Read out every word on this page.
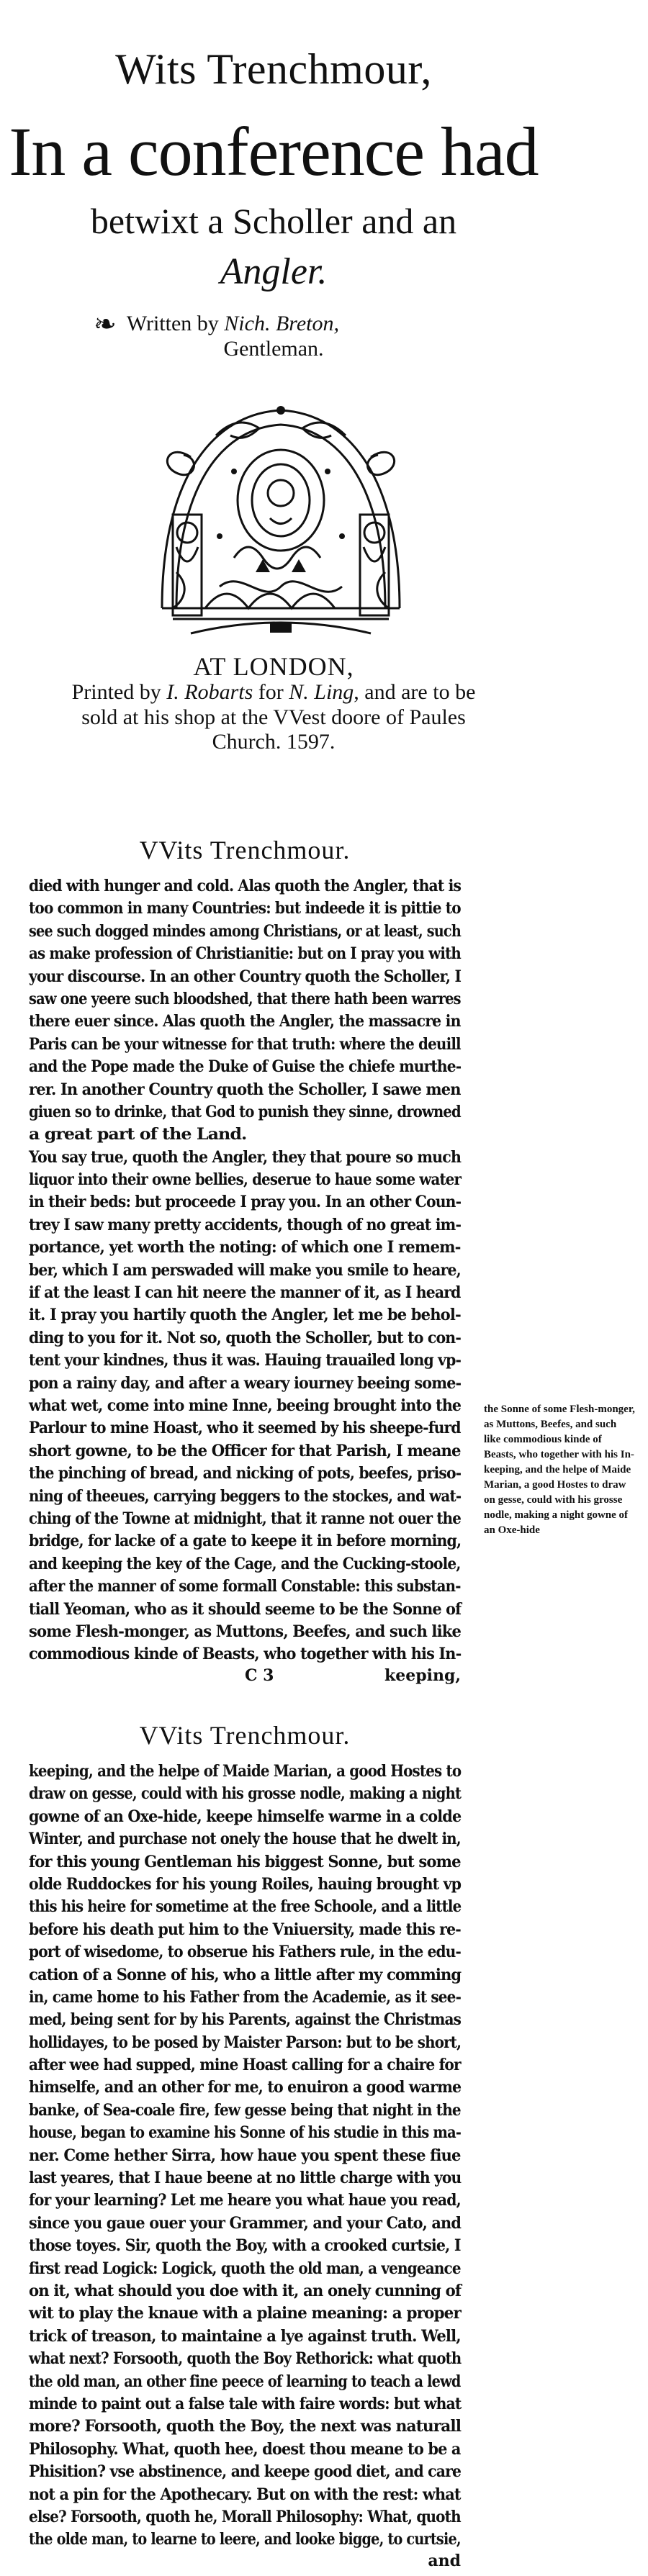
Wits Trenchmour,
In a conference had
betwixt a Scholler and an
Angler.
❧ Written by Nich. Breton,
Gentleman.
AT LONDON,
Printed by I. Robarts for N. Ling, and are to be
sold at his shop at the VVest doore of Paules
Church. 1597.
VVits Trenchmour.
died with hunger and cold. Alas quoth the Angler, that is
too common in many Countries: but indeede it is pittie to
see such dogged mindes among Christians, or at least, such
as make profession of Christianitie: but on I pray you with
your discourse. In an other Country quoth the Scholler, I
saw one yeere such bloodshed, that there hath been warres
there euer since. Alas quoth the Angler, the massacre in
Paris can be your witnesse for that truth: where the deuill
and the Pope made the Duke of Guise the chiefe murthe-
rer. In another Country quoth the Scholler, I sawe men
giuen so to drinke, that God to punish they sinne, drowned
a great part of the Land.
You say true, quoth the Angler, they that poure so much
liquor into their owne bellies, deserue to haue some water
in their beds: but proceede I pray you. In an other Coun-
trey I saw many pretty accidents, though of no great im-
portance, yet worth the noting: of which one I remem-
ber, which I am perswaded will make you smile to heare,
if at the least I can hit neere the manner of it, as I heard
it. I pray you hartily quoth the Angler, let me be behol-
ding to you for it. Not so, quoth the Scholler, but to con-
tent your kindnes, thus it was. Hauing trauailed long vp-
pon a rainy day, and after a weary iourney beeing some-
what wet, come into mine Inne, beeing brought into the
Parlour to mine Hoast, who it seemed by his sheepe-furd
short gowne, to be the Officer for that Parish, I meane
the pinching of bread, and nicking of pots, beefes, priso-
ning of theeues, carrying beggers to the stockes, and wat-
ching of the Towne at midnight, that it ranne not ouer the
bridge, for lacke of a gate to keepe it in before morning,
and keeping the key of the Cage, and the Cucking-stoole,
after the manner of some formall Constable: this substan-
tiall Yeoman, who as it should seeme to be the Sonne of
some Flesh-monger, as Muttons, Beefes, and such like
commodious kinde of Beasts, who together with his In-
C 3	keeping,
the Sonne of some Flesh-monger, as Muttons, Beefes, and such like commodious kinde of Beasts, who together with his In-keeping, and the helpe of Maide Marian, a good Hostes to draw on gesse, could with his grosse nodle, making a night gowne of an Oxe-hide
VVits Trenchmour.
keeping, and the helpe of Maide Marian, a good Hostes to
draw on gesse, could with his grosse nodle, making a night
gowne of an Oxe-hide, keepe himselfe warme in a colde
Winter, and purchase not onely the house that he dwelt in,
for this young Gentleman his biggest Sonne, but some
olde Ruddockes for his young Roiles, hauing brought vp
this his heire for sometime at the free Schoole, and a little
before his death put him to the Vniuersity, made this re-
port of wisedome, to obserue his Fathers rule, in the edu-
cation of a Sonne of his, who a little after my comming
in, came home to his Father from the Academie, as it see-
med, being sent for by his Parents, against the Christmas
hollidayes, to be posed by Maister Parson: but to be short,
after wee had supped, mine Hoast calling for a chaire for
himselfe, and an other for me, to enuiron a good warme
banke, of Sea-coale fire, few gesse being that night in the
house, began to examine his Sonne of his studie in this ma-
ner. Come hether Sirra, how haue you spent these fiue
last yeares, that I haue beene at no little charge with you
for your learning? Let me heare you what haue you read,
since you gaue ouer your Grammer, and your Cato, and
those toyes. Sir, quoth the Boy, with a crooked curtsie, I
first read Logick: Logick, quoth the old man, a vengeance
on it, what should you doe with it, an onely cunning of
wit to play the knaue with a plaine meaning: a proper
trick of treason, to maintaine a lye against truth. Well,
what next? Forsooth, quoth the Boy Rethorick: what quoth
the old man, an other fine peece of learning to teach a lewd
minde to paint out a false tale with faire words: but what
more? Forsooth, quoth the Boy, the next was naturall
Philosophy. What, quoth hee, doest thou meane to be a
Phisition? vse abstinence, and keepe good diet, and care
not a pin for the Apothecary. But on with the rest: what
else? Forsooth, quoth he, Morall Philosophy: What, quoth
the olde man, to learne to leere, and looke bigge, to curtsie,
and
